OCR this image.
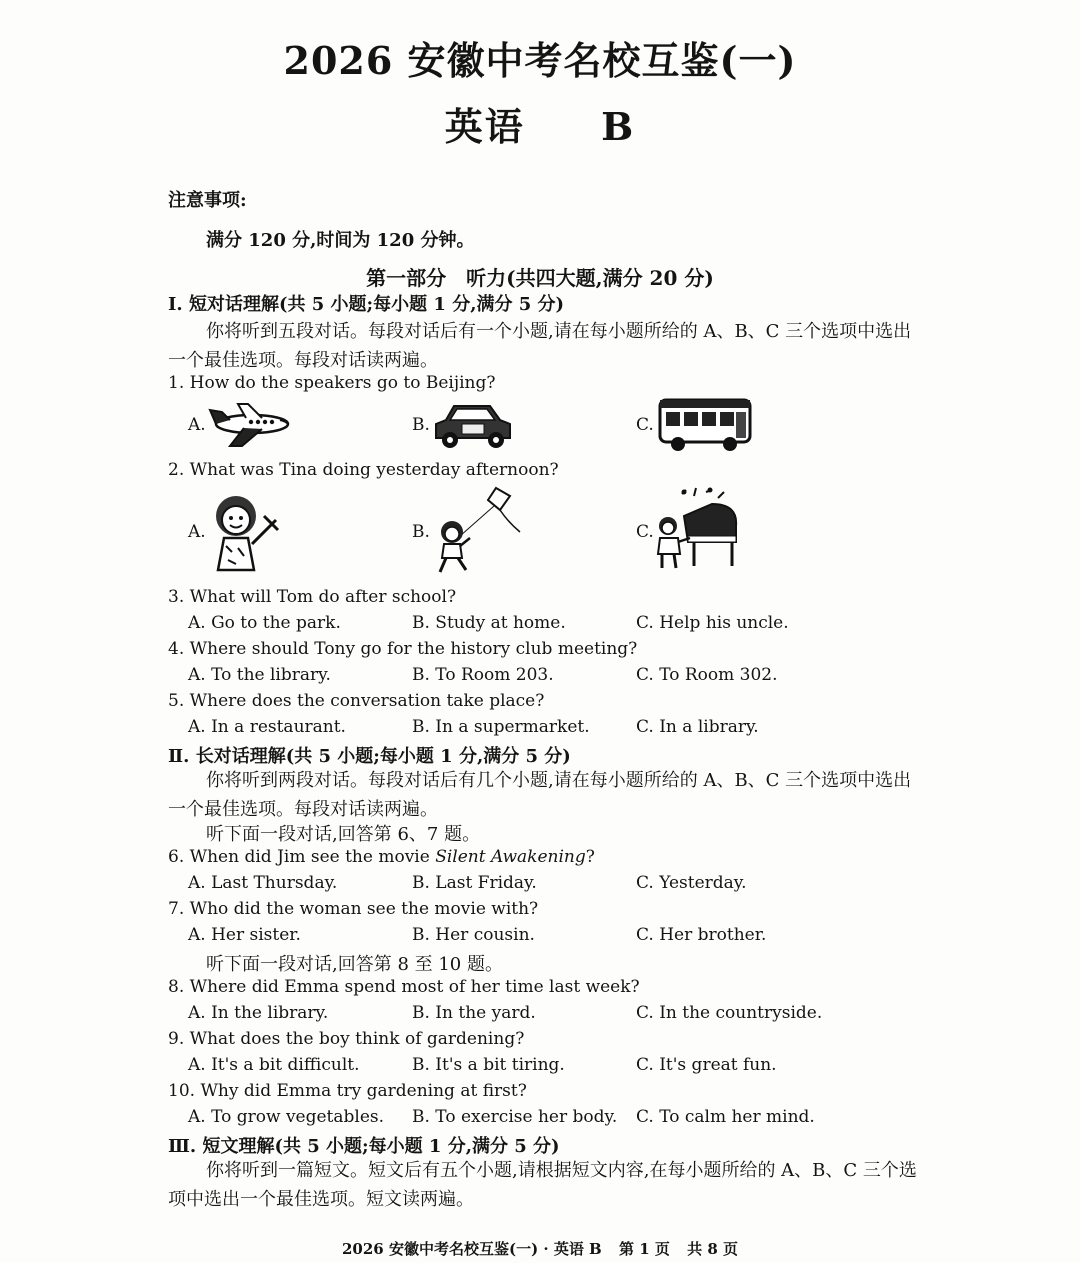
2026 安徽中考名校互鉴(一)
英语 B
注意事项:
满分 120 分,时间为 120 分钟。
第一部分　听力(共四大题,满分 20 分)
Ⅰ. 短对话理解(共 5 小题;每小题 1 分,满分 5 分)
你将听到五段对话。每段对话后有一个小题,请在每小题所给的 A、B、C 三个选项中选出一个最佳选项。每段对话读两遍。
1. How do the speakers go to Beijing?
A.	B.	C.
2. What was Tina doing yesterday afternoon?
A.	B.	C.
3. What will Tom do after school?
A. Go to the park.	B. Study at home.	C. Help his uncle.
4. Where should Tony go for the history club meeting?
A. To the library.	B. To Room 203.	C. To Room 302.
5. Where does the conversation take place?
A. In a restaurant.	B. In a supermarket.	C. In a library.
Ⅱ. 长对话理解(共 5 小题;每小题 1 分,满分 5 分)
你将听到两段对话。每段对话后有几个小题,请在每小题所给的 A、B、C 三个选项中选出一个最佳选项。每段对话读两遍。
听下面一段对话,回答第 6、7 题。
6. When did Jim see the movie Silent Awakening?
A. Last Thursday.	B. Last Friday.	C. Yesterday.
7. Who did the woman see the movie with?
A. Her sister.	B. Her cousin.	C. Her brother.
听下面一段对话,回答第 8 至 10 题。
8. Where did Emma spend most of her time last week?
A. In the library.	B. In the yard.	C. In the countryside.
9. What does the boy think of gardening?
A. It's a bit difficult.	B. It's a bit tiring.	C. It's great fun.
10. Why did Emma try gardening at first?
A. To grow vegetables. B. To exercise her body. C. To calm her mind.
Ⅲ. 短文理解(共 5 小题;每小题 1 分,满分 5 分)
你将听到一篇短文。短文后有五个小题,请根据短文内容,在每小题所给的 A、B、C 三个选项中选出一个最佳选项。短文读两遍。
2026 安徽中考名校互鉴(一) · 英语 B 第 1 页 共 8 页
